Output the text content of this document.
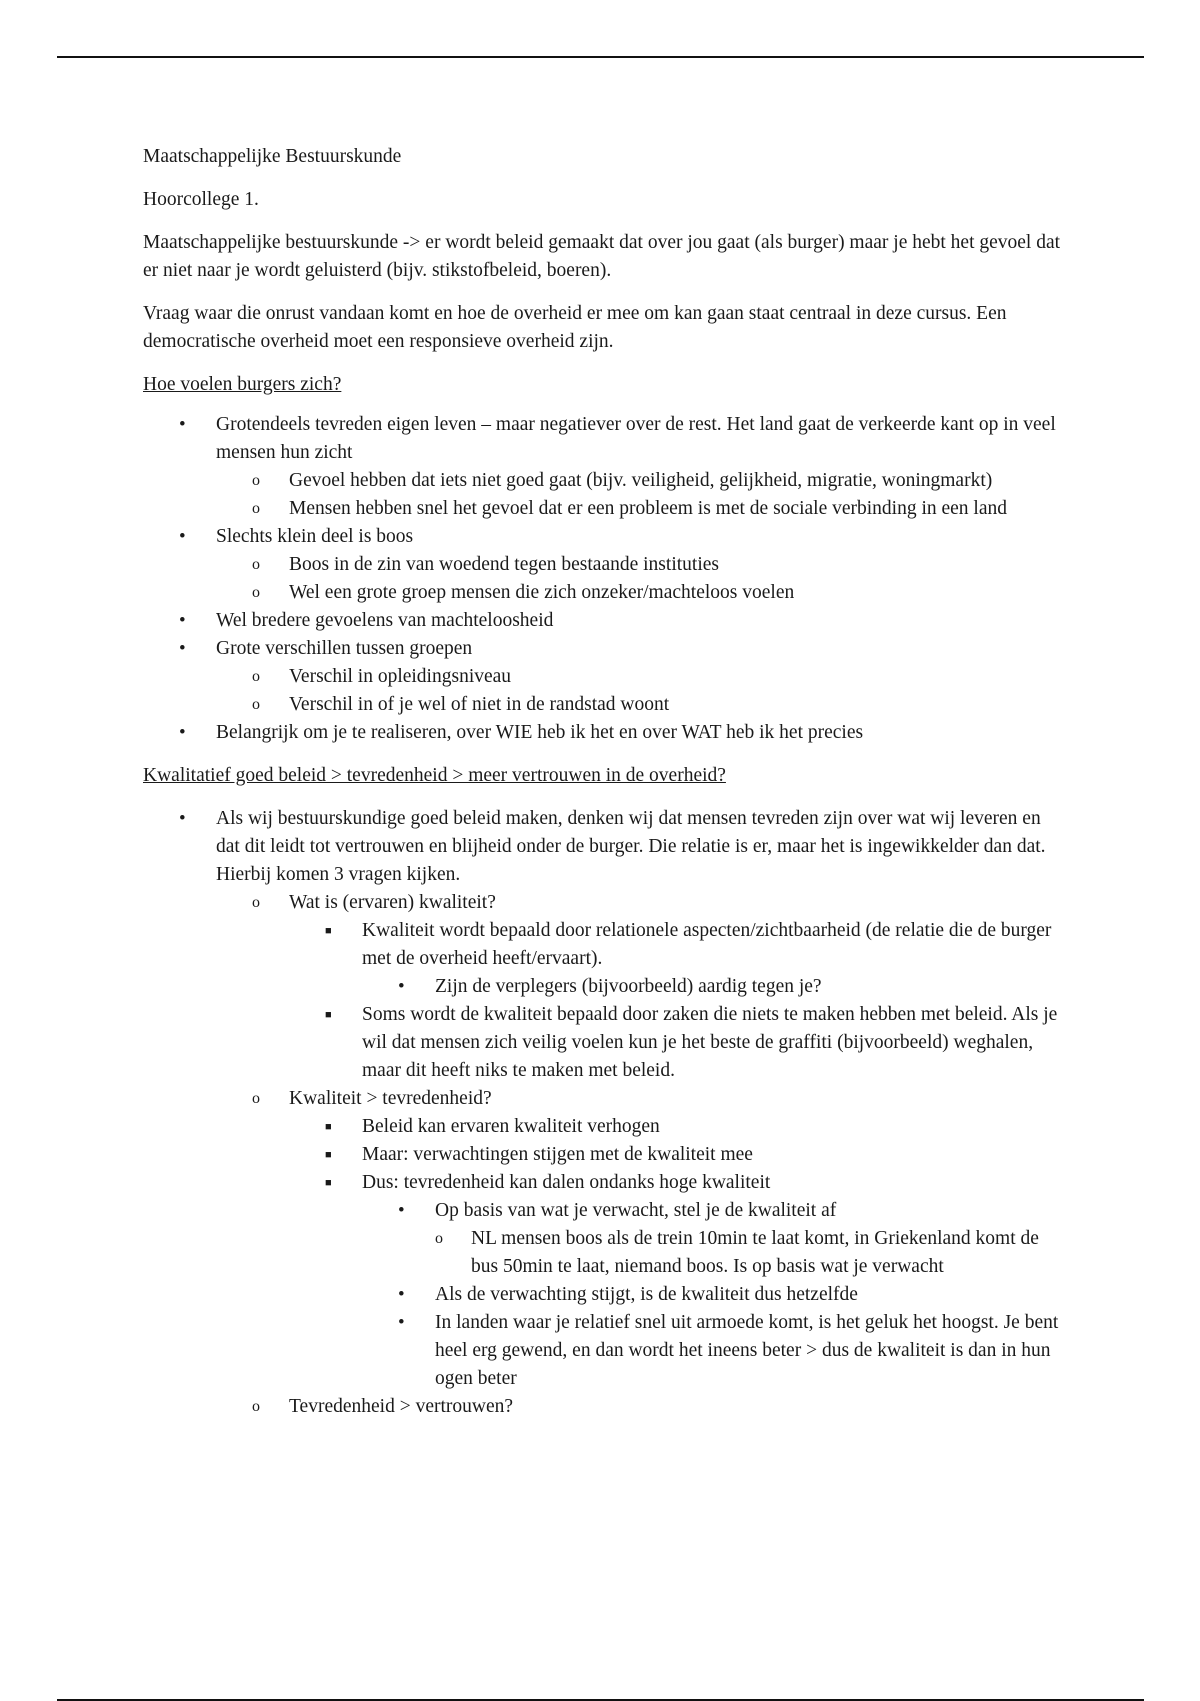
Maatschappelijke Bestuurskunde

Hoorcollege 1.

Maatschappelijke bestuurskunde -> er wordt beleid gemaakt dat over jou gaat (als burger) maar je hebt het gevoel dat er niet naar je wordt geluisterd (bijv. stikstofbeleid, boeren).

Vraag waar die onrust vandaan komt en hoe de overheid er mee om kan gaan staat centraal in deze cursus. Een democratische overheid moet een responsieve overheid zijn.

Hoe voelen burgers zich?

• Grotendeels tevreden eigen leven – maar negatiever over de rest. Het land gaat de verkeerde kant op in veel mensen hun zicht
o Gevoel hebben dat iets niet goed gaat (bijv. veiligheid, gelijkheid, migratie, woningmarkt)
o Mensen hebben snel het gevoel dat er een probleem is met de sociale verbinding in een land
• Slechts klein deel is boos
o Boos in de zin van woedend tegen bestaande instituties
o Wel een grote groep mensen die zich onzeker/machteloos voelen
• Wel bredere gevoelens van machteloosheid
• Grote verschillen tussen groepen
o Verschil in opleidingsniveau
o Verschil in of je wel of niet in de randstad woont
• Belangrijk om je te realiseren, over WIE heb ik het en over WAT heb ik het precies

Kwalitatief goed beleid > tevredenheid > meer vertrouwen in de overheid?

• Als wij bestuurskundige goed beleid maken, denken wij dat mensen tevreden zijn over wat wij leveren en dat dit leidt tot vertrouwen en blijheid onder de burger. Die relatie is er, maar het is ingewikkelder dan dat. Hierbij komen 3 vragen kijken.
o Wat is (ervaren) kwaliteit?
■ Kwaliteit wordt bepaald door relationele aspecten/zichtbaarheid (de relatie die de burger met de overheid heeft/ervaart).
• Zijn de verplegers (bijvoorbeeld) aardig tegen je?
■ Soms wordt de kwaliteit bepaald door zaken die niets te maken hebben met beleid. Als je wil dat mensen zich veilig voelen kun je het beste de graffiti (bijvoorbeeld) weghalen, maar dit heeft niks te maken met beleid.
o Kwaliteit > tevredenheid?
■ Beleid kan ervaren kwaliteit verhogen
■ Maar: verwachtingen stijgen met de kwaliteit mee
■ Dus: tevredenheid kan dalen ondanks hoge kwaliteit
• Op basis van wat je verwacht, stel je de kwaliteit af
o NL mensen boos als de trein 10min te laat komt, in Griekenland komt de bus 50min te laat, niemand boos. Is op basis wat je verwacht
• Als de verwachting stijgt, is de kwaliteit dus hetzelfde
• In landen waar je relatief snel uit armoede komt, is het geluk het hoogst. Je bent heel erg gewend, en dan wordt het ineens beter > dus de kwaliteit is dan in hun ogen beter
o Tevredenheid > vertrouwen?
